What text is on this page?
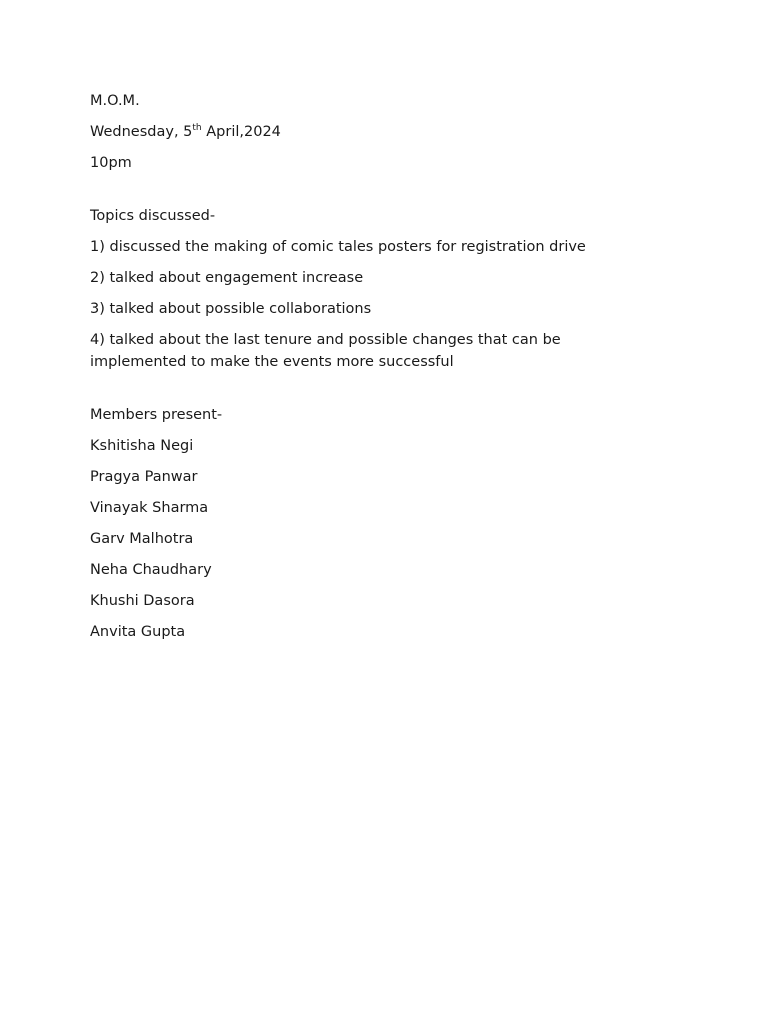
M.O.M.
Wednesday, 5th April,2024
10pm
Topics discussed-
1) discussed the making of comic tales posters for registration drive
2) talked about engagement increase
3) talked about possible collaborations
4) talked about the last tenure and possible changes that can be implemented to make the events more successful
Members present-
Kshitisha Negi
Pragya Panwar
Vinayak Sharma
Garv Malhotra
Neha Chaudhary
Khushi Dasora
Anvita Gupta
